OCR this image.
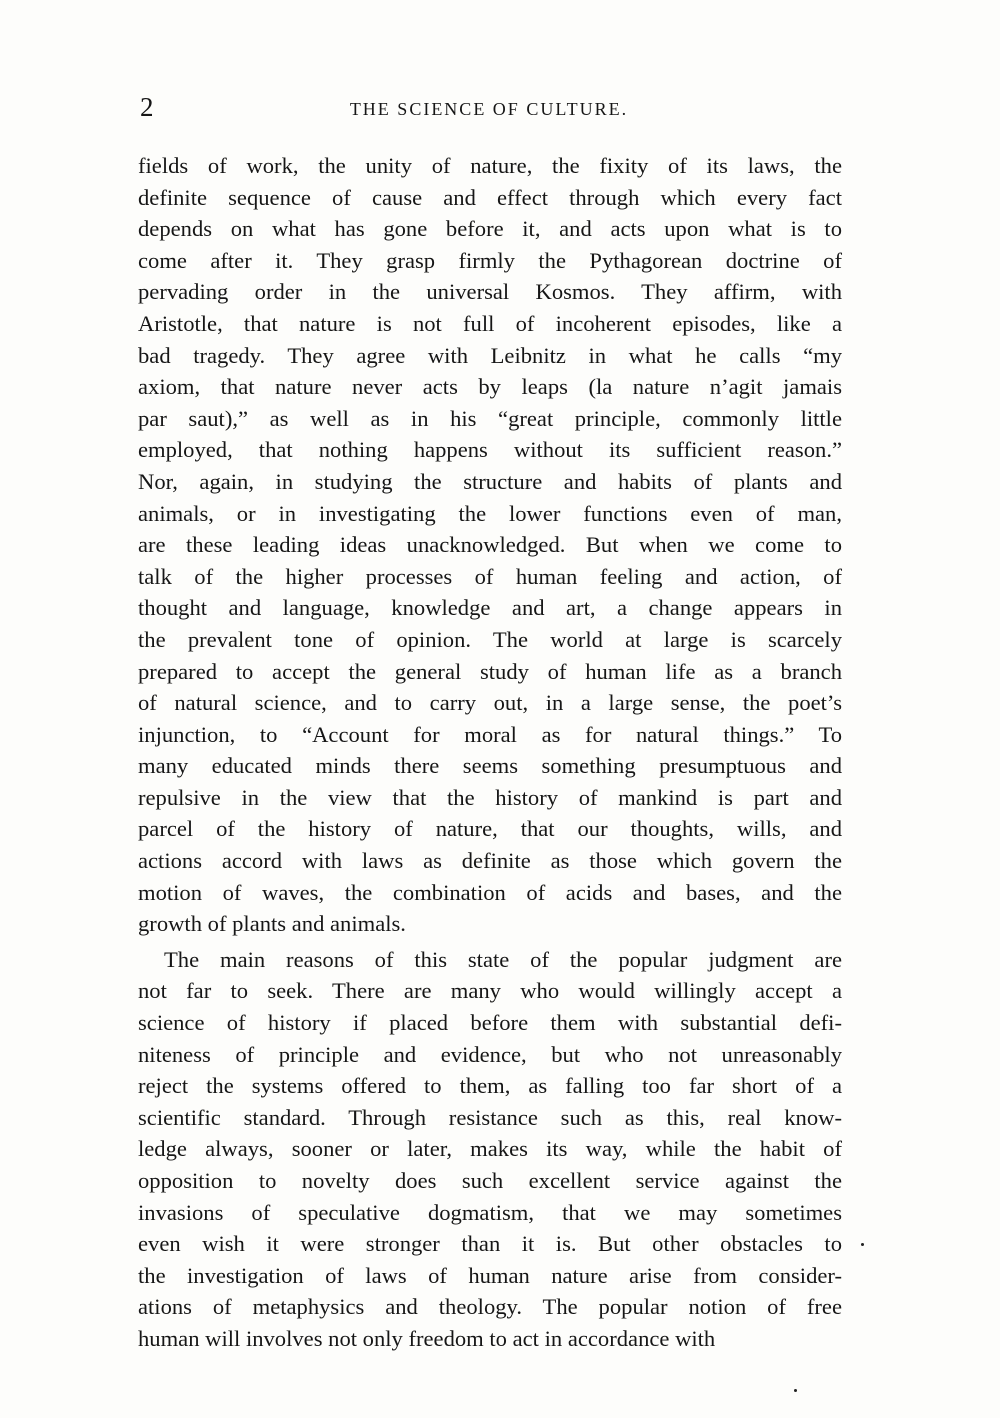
2	THE SCIENCE OF CULTURE.
fields of work, the unity of nature, the fixity of its laws, the
definite sequence of cause and effect through which every fact
depends on what has gone before it, and acts upon what is to
come after it. They grasp firmly the Pythagorean doctrine of
pervading order in the universal Kosmos. They affirm, with
Aristotle, that nature is not full of incoherent episodes, like a
bad tragedy. They agree with Leibnitz in what he calls “my
axiom, that nature never acts by leaps (la nature n’agit jamais
par saut),” as well as in his “great principle, commonly little
employed, that nothing happens without its sufficient reason.”
Nor, again, in studying the structure and habits of plants and
animals, or in investigating the lower functions even of man,
are these leading ideas unacknowledged. But when we come to
talk of the higher processes of human feeling and action, of
thought and language, knowledge and art, a change appears in
the prevalent tone of opinion. The world at large is scarcely
prepared to accept the general study of human life as a branch
of natural science, and to carry out, in a large sense, the poet’s
injunction, to “Account for moral as for natural things.” To
many educated minds there seems something presumptuous and
repulsive in the view that the history of mankind is part and
parcel of the history of nature, that our thoughts, wills, and
actions accord with laws as definite as those which govern the
motion of waves, the combination of acids and bases, and the
growth of plants and animals.
The main reasons of this state of the popular judgment are
not far to seek. There are many who would willingly accept a
science of history if placed before them with substantial defi-
niteness of principle and evidence, but who not unreasonably
reject the systems offered to them, as falling too far short of a
scientific standard. Through resistance such as this, real know-
ledge always, sooner or later, makes its way, while the habit of
opposition to novelty does such excellent service against the
invasions of speculative dogmatism, that we may sometimes
even wish it were stronger than it is. But other obstacles to
the investigation of laws of human nature arise from consider-
ations of metaphysics and theology. The popular notion of free
human will involves not only freedom to act in accordance with
